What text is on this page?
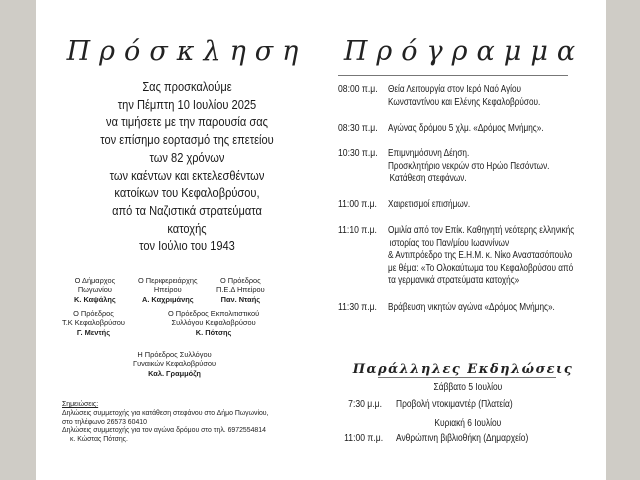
Πρόσκληση
Σας προσκαλούμε
την Πέμπτη 10 Ιουλίου 2025
να τιμήσετε με την παρουσία σας
τον επίσημο εορτασμό της επετείου
των 82 χρόνων
των καέντων και εκτελεσθέντων
κατοίκων του Κεφαλοβρύσου,
από τα Ναζιστικά στρατεύματα
κατοχής
τον Ιούλιο του 1943
Ο Δήμαρχος
Πωγωνίου
Κ. Καψάλης
Ο Περιφερειάρχης
Ηπείρου
Α. Καχριμάνης
Ο Πρόεδρος
Π.Ε.Δ Ηπείρου
Παν. Νταής
Ο Πρόεδρος
Τ.Κ Κεφαλοβρύσου
Γ. Μεντής
Ο Πρόεδρος Εκπολιτιστικού
Συλλόγου Κεφαλοβρύσου
Κ. Πότσης
Η Πρόεδρος Συλλόγου
Γυναικών Κεφαλοβρύσου
Καλ. Γραμμόζη
Σημειώσεις:
Δηλώσεις συμμετοχής για κατάθεση στεφάνου στο Δήμο Πωγωνίου,
στο τηλέφωνο 26573 60410
Δηλώσεις συμμετοχής για τον αγώνα δρόμου στο τηλ. 6972554814
κ. Κώστας Πότσης.
Πρόγραμμα
08:00 π.μ. Θεία Λειτουργία στον Ιερό Ναό Αγίου
Κωνσταντίνου και Ελένης Κεφαλοβρύσου.
08:30 π.μ. Αγώνας δρόμου 5 χλμ. «Δρόμος Μνήμης».
10:30 π.μ. Επιμνημόσυνη Δέηση.
Προσκλητήριο νεκρών στο Ηρώο Πεσόντων.
Κατάθεση στεφάνων.
11:00 π.μ. Χαιρετισμοί επισήμων.
11:10 π.μ. Ομιλία από τον Επίκ. Καθηγητή νεότερης ελληνικής
ιστορίας του Παν/μίου Ιωαννίνων
& Αντιπρόεδρο της Ε.Η.Μ. κ. Νίκο Αναστασόπουλο
με θέμα: «Το Ολοκαύτωμα του Κεφαλοβρύσου από
τα γερμανικά στρατεύματα κατοχής»
11:30 π.μ. Βράβευση νικητών αγώνα «Δρόμος Μνήμης».
Παράλληλες Εκδηλώσεις
Σάββατο 5 Ιουλίου
7:30 μ.μ. Προβολή ντοκιμαντέρ (Πλατεία)
Κυριακή 6 Ιουλίου
11:00 π.μ. Ανθρώπινη βιβλιοθήκη (Δημαρχείο)
